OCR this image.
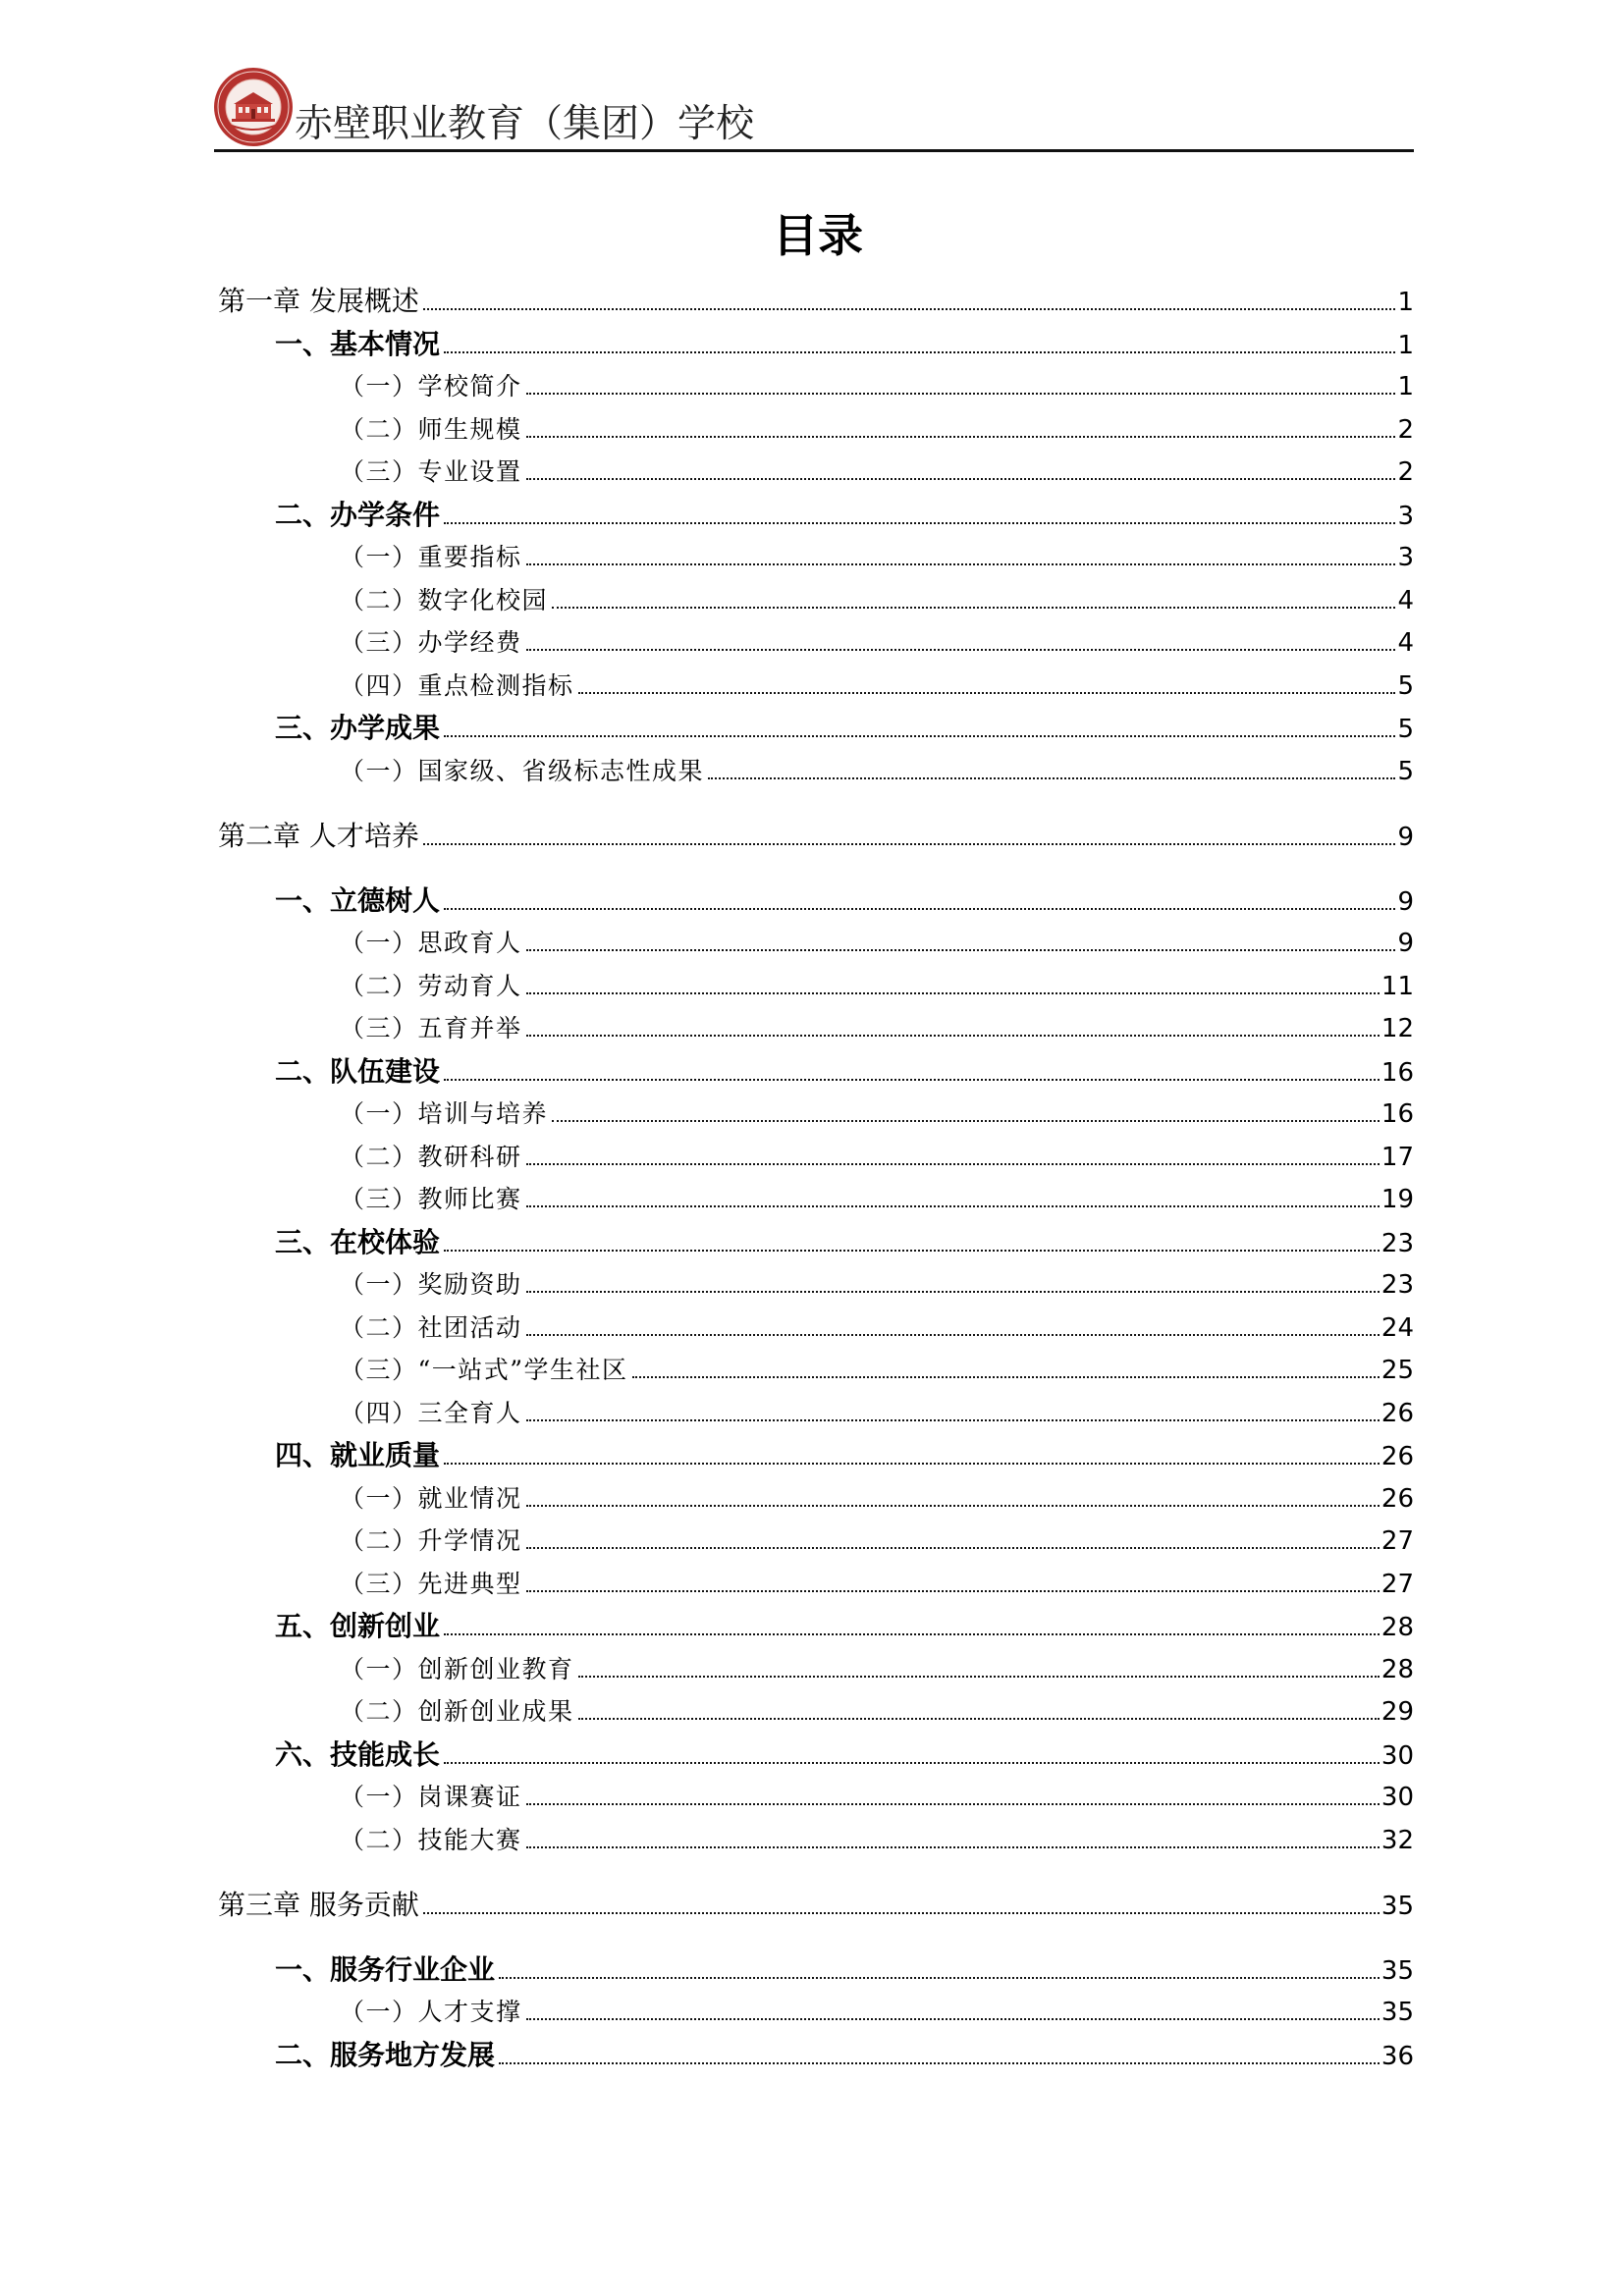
赤壁职业教育（集团）学校
目录
第一章 发展概述	1
一、基本情况	1
（一）学校简介	1
（二）师生规模	2
（三）专业设置	2
二、办学条件	3
（一）重要指标	3
（二）数字化校园	4
（三）办学经费	4
（四）重点检测指标	5
三、办学成果	5
（一）国家级、省级标志性成果	5
第二章 人才培养	9
一、立德树人	9
（一）思政育人	9
（二）劳动育人	11
（三）五育并举	12
二、队伍建设	16
（一）培训与培养	16
（二）教研科研	17
（三）教师比赛	19
三、在校体验	23
（一）奖励资助	23
（二）社团活动	24
（三）“一站式”学生社区	25
（四）三全育人	26
四、就业质量	26
（一）就业情况	26
（二）升学情况	27
（三）先进典型	27
五、创新创业	28
（一）创新创业教育	28
（二）创新创业成果	29
六、技能成长	30
（一）岗课赛证	30
（二）技能大赛	32
第三章 服务贡献	35
一、服务行业企业	35
（一）人才支撑	35
二、服务地方发展	36
